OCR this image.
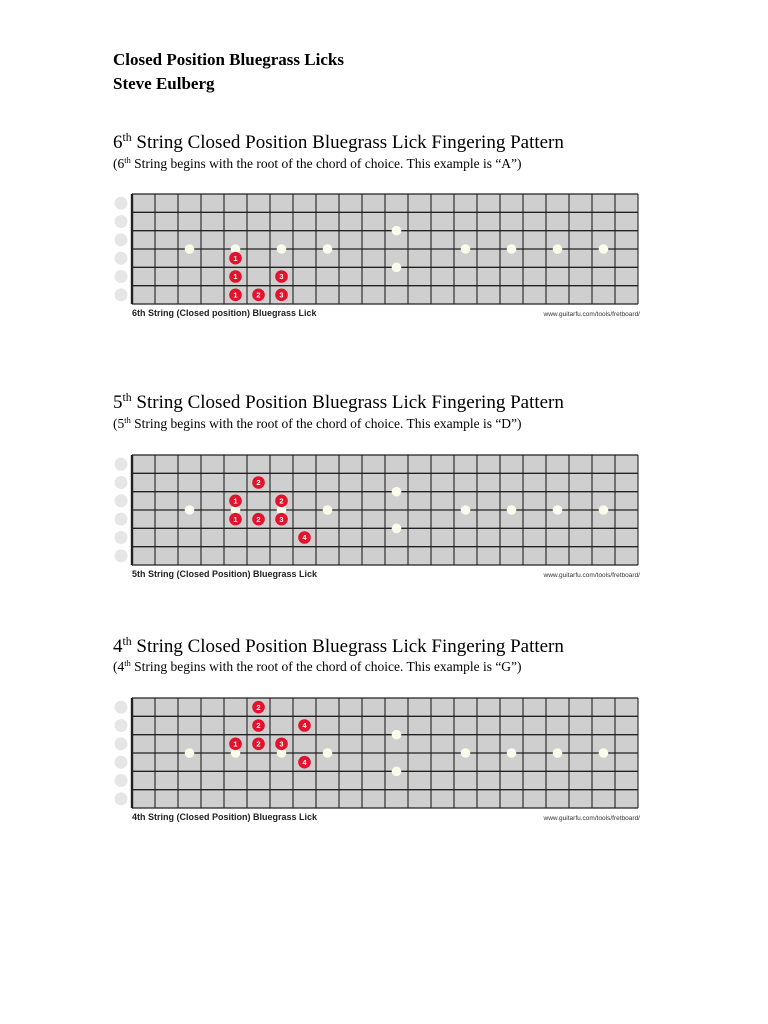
Closed Position Bluegrass Licks
Steve Eulberg
6th String Closed Position Bluegrass Lick Fingering Pattern
(6th String begins with the root of the chord of choice. This example is “A”)
1	2	3
1	3
1
6th String (Closed position) Bluegrass Lick	www.guitarfu.com/tools/fretboard/
5th String Closed Position Bluegrass Lick Fingering Pattern
(5th String begins with the root of the chord of choice. This example is “D”)
2
1	2
1	2	3
4
5th String (Closed Position) Bluegrass Lick	www.guitarfu.com/tools/fretboard/
4th String Closed Position Bluegrass Lick Fingering Pattern
(4th String begins with the root of the chord of choice. This example is “G”)
2
2	4
1	2	3
4
4th String (Closed Position) Bluegrass Lick	www.guitarfu.com/tools/fretboard/
